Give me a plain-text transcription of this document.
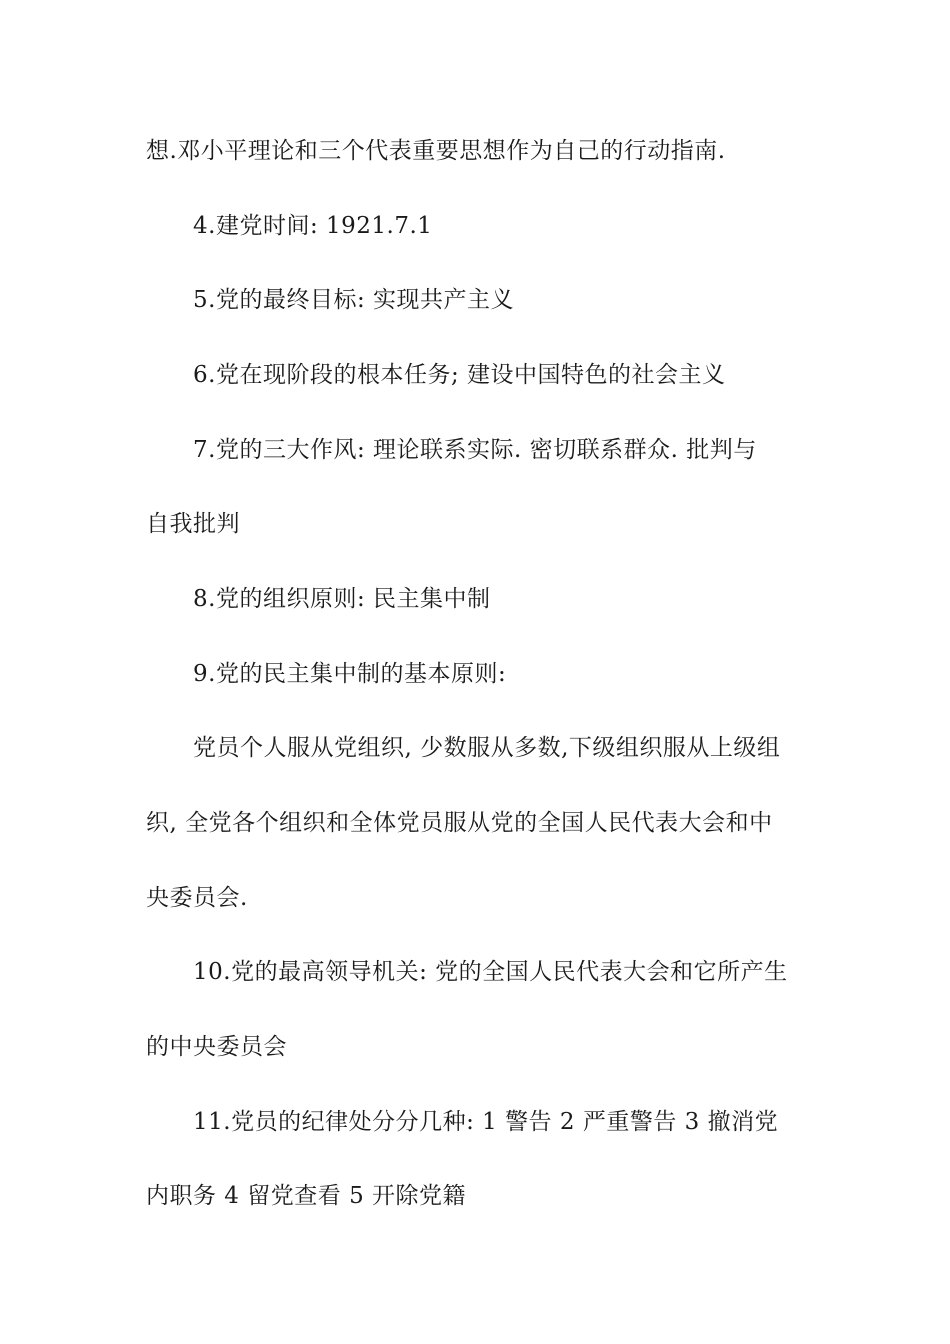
想.邓小平理论和三个代表重要思想作为自己的行动指南.
4.建党时间: 1921.7.1
5.党的最终目标: 实现共产主义
6.党在现阶段的根本任务; 建设中国特色的社会主义
7.党的三大作风: 理论联系实际. 密切联系群众. 批判与
自我批判
8.党的组织原则: 民主集中制
9.党的民主集中制的基本原则:
党员个人服从党组织, 少数服从多数,下级组织服从上级组
织, 全党各个组织和全体党员服从党的全国人民代表大会和中
央委员会.
10.党的最高领导机关: 党的全国人民代表大会和它所产生
的中央委员会
11.党员的纪律处分分几种: 1 警告 2 严重警告 3 撤消党
内职务 4 留党查看 5 开除党籍
